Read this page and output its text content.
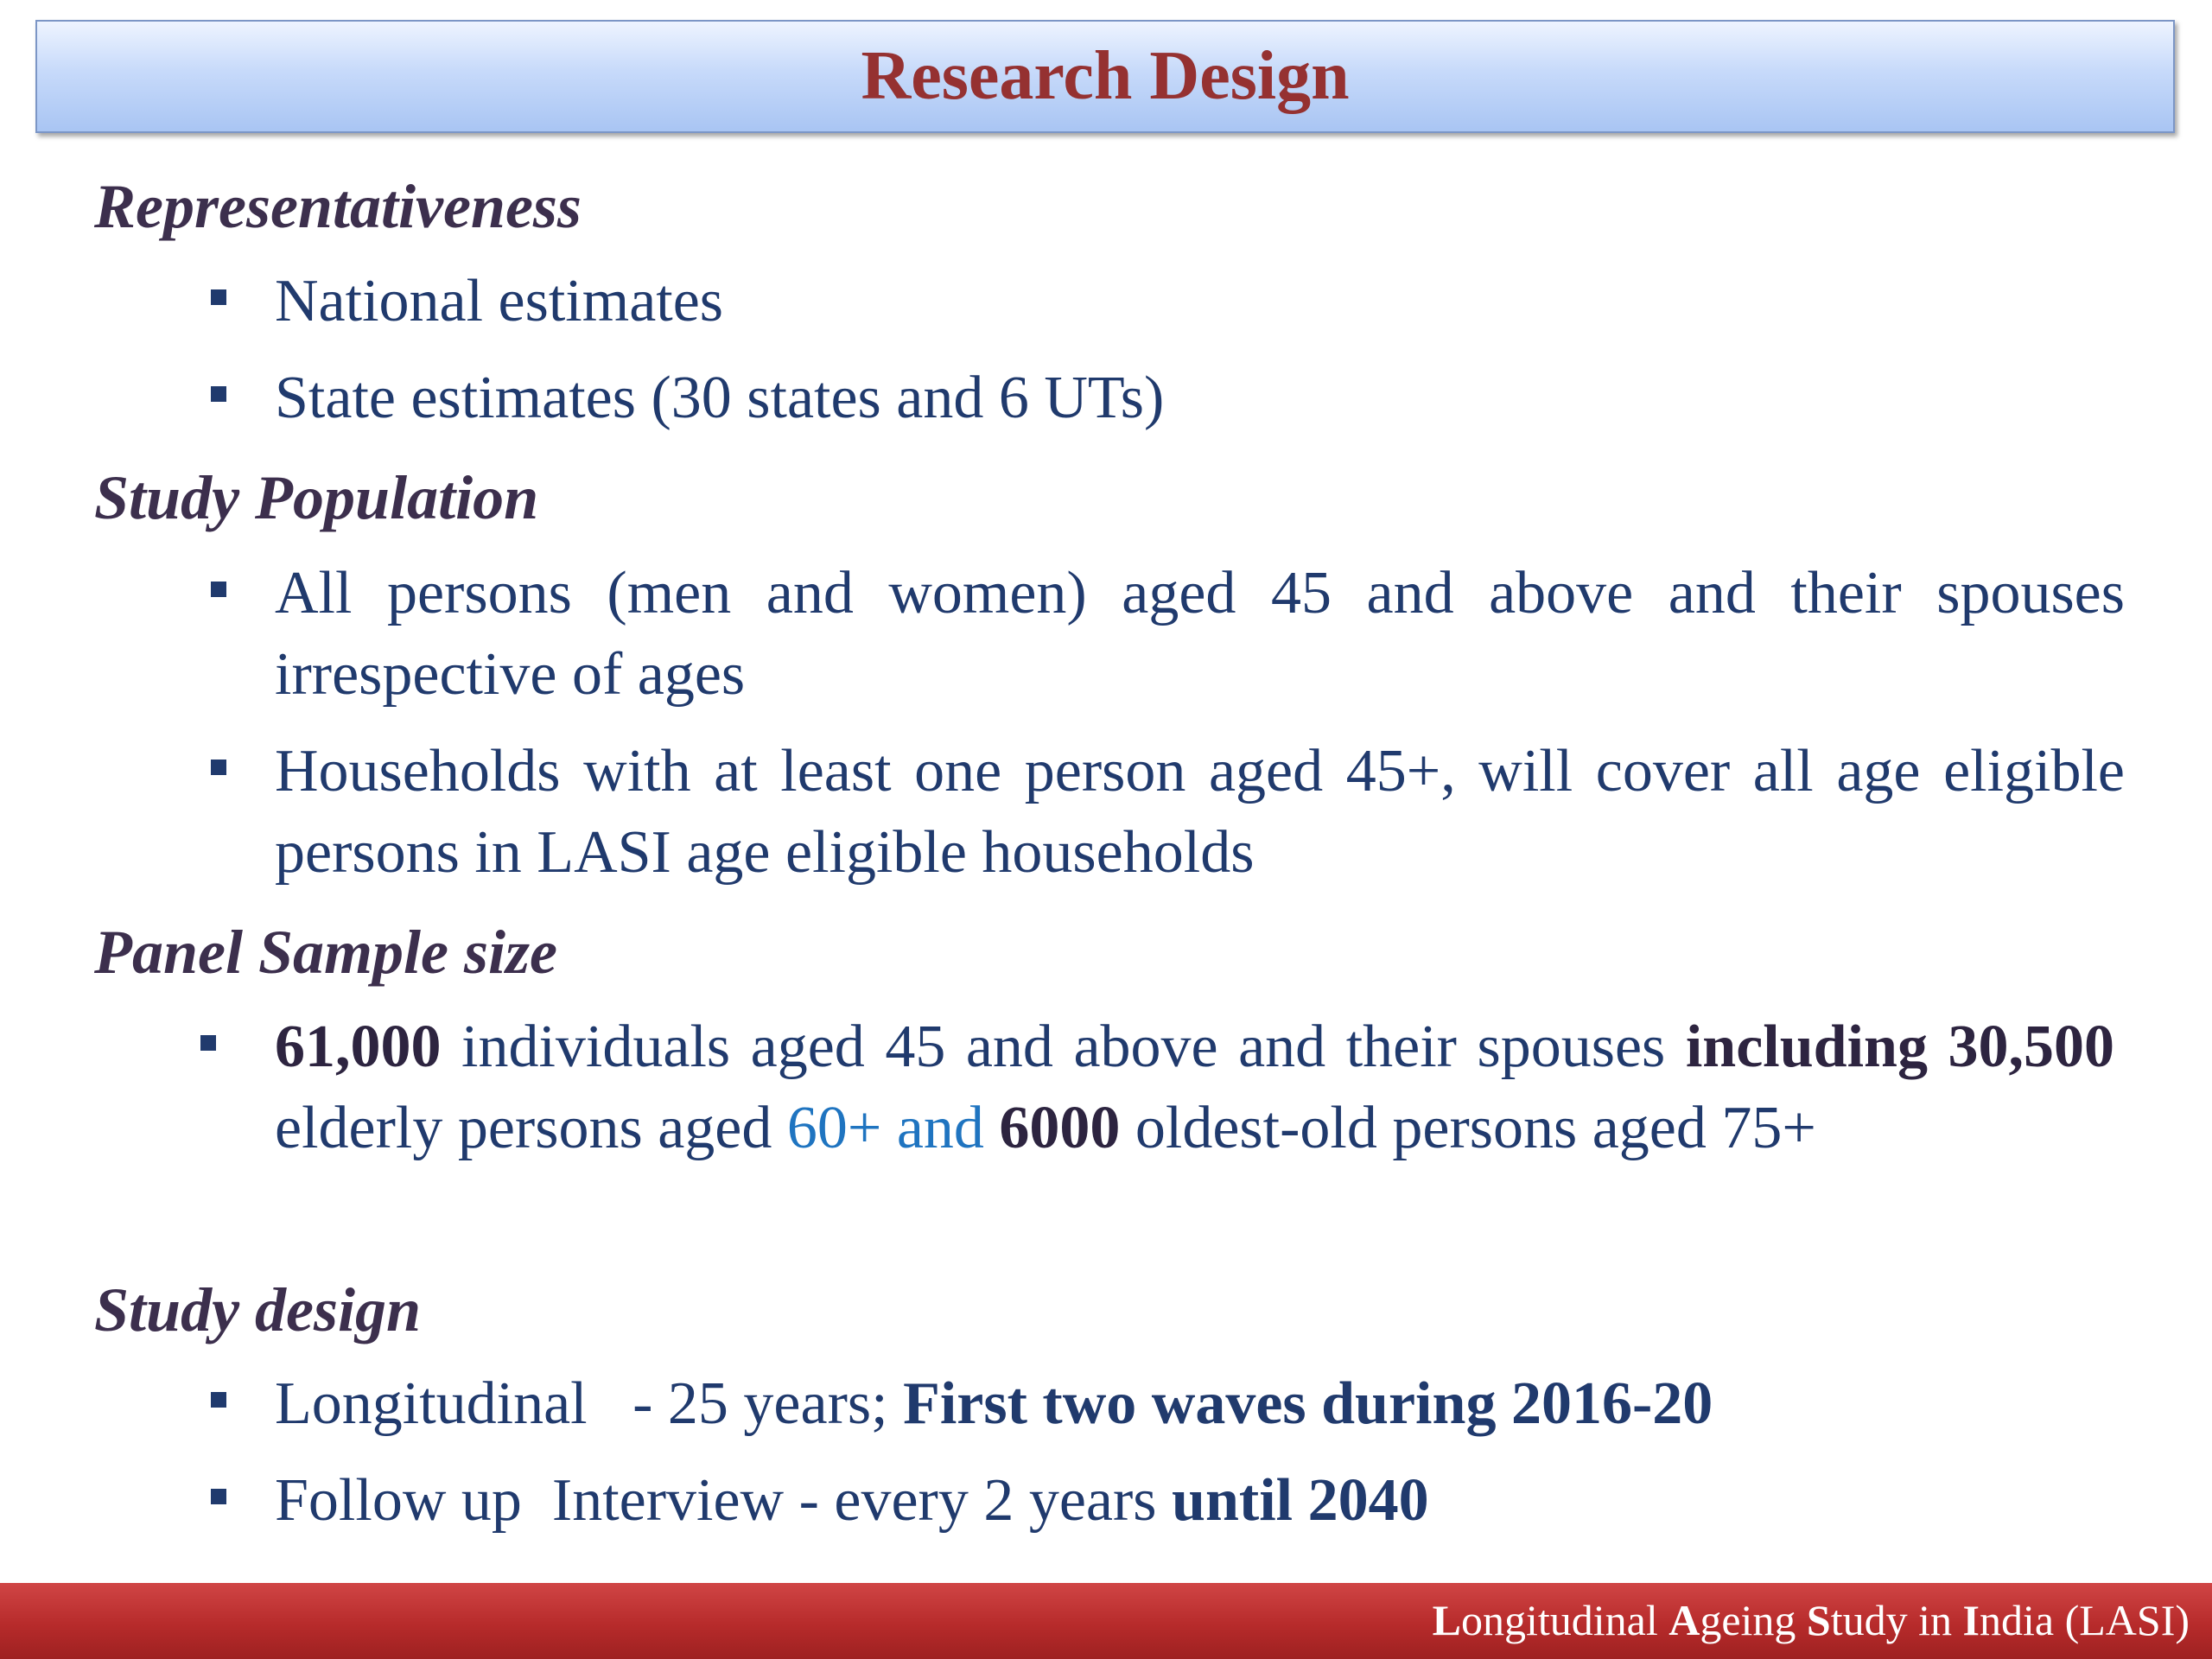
Research Design
Representativeness
National estimates
State estimates (30 states and 6 UTs)
Study Population
All persons (men and women) aged 45 and above and their spouses irrespective of ages
Households with at least one person aged 45+, will cover all age eligible persons in LASI age eligible households
Panel Sample size
61,000 individuals aged 45 and above and their spouses including 30,500 elderly persons aged 60+ and 6000 oldest-old persons aged 75+
Study design
Longitudinal   - 25 years; First two waves during 2016-20
Follow up  Interview - every 2 years until 2040
Longitudinal Ageing Study in India (LASI)
